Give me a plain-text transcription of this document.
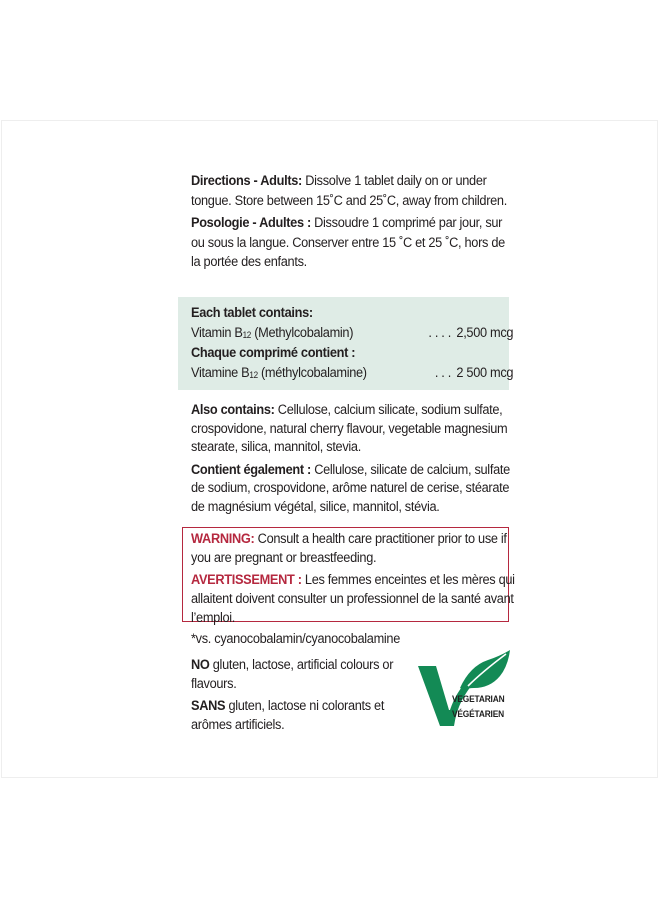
Directions - Adults: Dissolve 1 tablet daily on or under tongue. Store between 15˚C and 25˚C, away from children.

Posologie - Adultes : Dissoudre 1 comprimé par jour, sur ou sous la langue. Conserver entre 15 ˚C et 25 ˚C, hors de la portée des enfants.

Each tablet contains:

Vitamin $B_{12}$ (Methylcobalamin)	. . . . 2,500 mcg

Chaque comprimé contient :

Vitamine $B_{12}$ (méthylcobalamine)	. . . 2 500 mcg

Also contains: Cellulose, calcium silicate, sodium sulfate, crospovidone, natural cherry flavour, vegetable magnesium stearate, silica, mannitol, stevia.

Contient également : Cellulose, silicate de calcium, sulfate de sodium, crospovidone, arôme naturel de cerise, stéarate de magnésium végétal, silice, mannitol, stévia.

WARNING: Consult a health care practitioner prior to use if you are pregnant or breastfeeding.

AVERTISSEMENT : Les femmes enceintes et les mères qui allaitent doivent consulter un professionnel de la santé avant l’emploi.

*vs. cyanocobalamin/cyanocobalamine

NO gluten, lactose, artificial colours or flavours.

SANS gluten, lactose ni colorants et arômes artificiels.

VEGETARIAN
VÉGÉTARIEN
